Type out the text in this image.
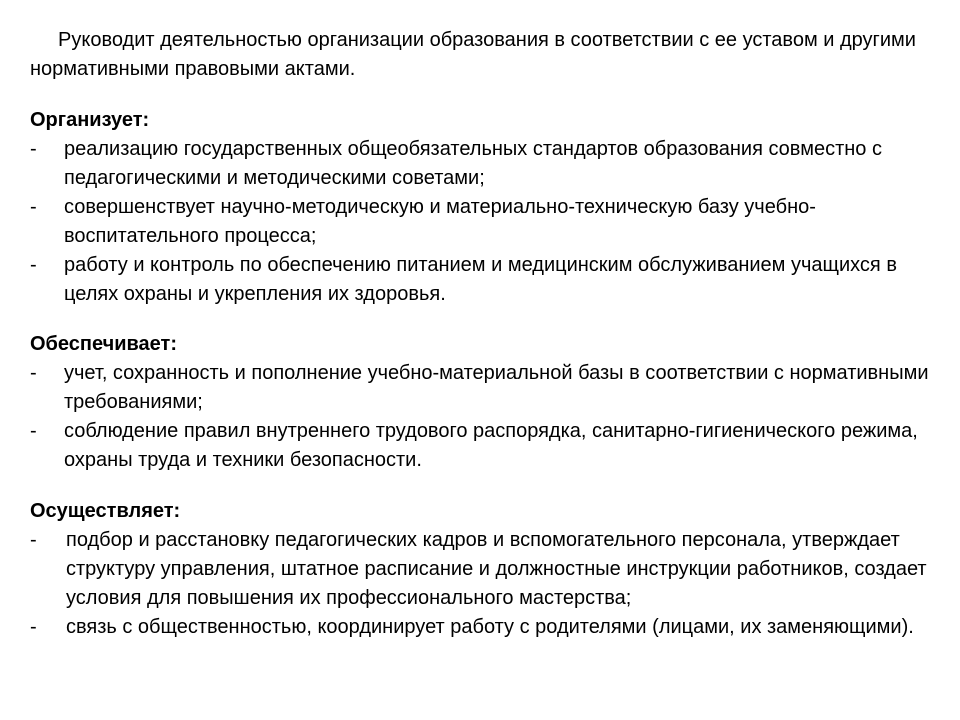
Руководит деятельностью организации образования в соответствии с ее уставом и другими нормативными правовыми актами.

Организует:

-	реализацию государственных общеобязательных стандартов образования совместно с педагогическими и методическими советами;
-	совершенствует научно-методическую и материально-техническую базу учебно-воспитательного процесса;
-	работу и контроль по обеспечению питанием и медицинским обслуживанием учащихся в целях охраны и укрепления их здоровья.

Обеспечивает:

-	учет, сохранность и пополнение учебно-материальной базы в соответствии с нормативными требованиями;
-	соблюдение правил внутреннего трудового распорядка, санитарно-гигиенического режима, охраны труда и техники безопасности.

Осуществляет:

-	подбор и расстановку педагогических кадров и вспомогательного персонала, утверждает структуру управления, штатное расписание и должностные инструкции работников, создает условия для повышения их профессионального мастерства;
-	связь с общественностью, координирует работу с родителями (лицами, их заменяющими).
